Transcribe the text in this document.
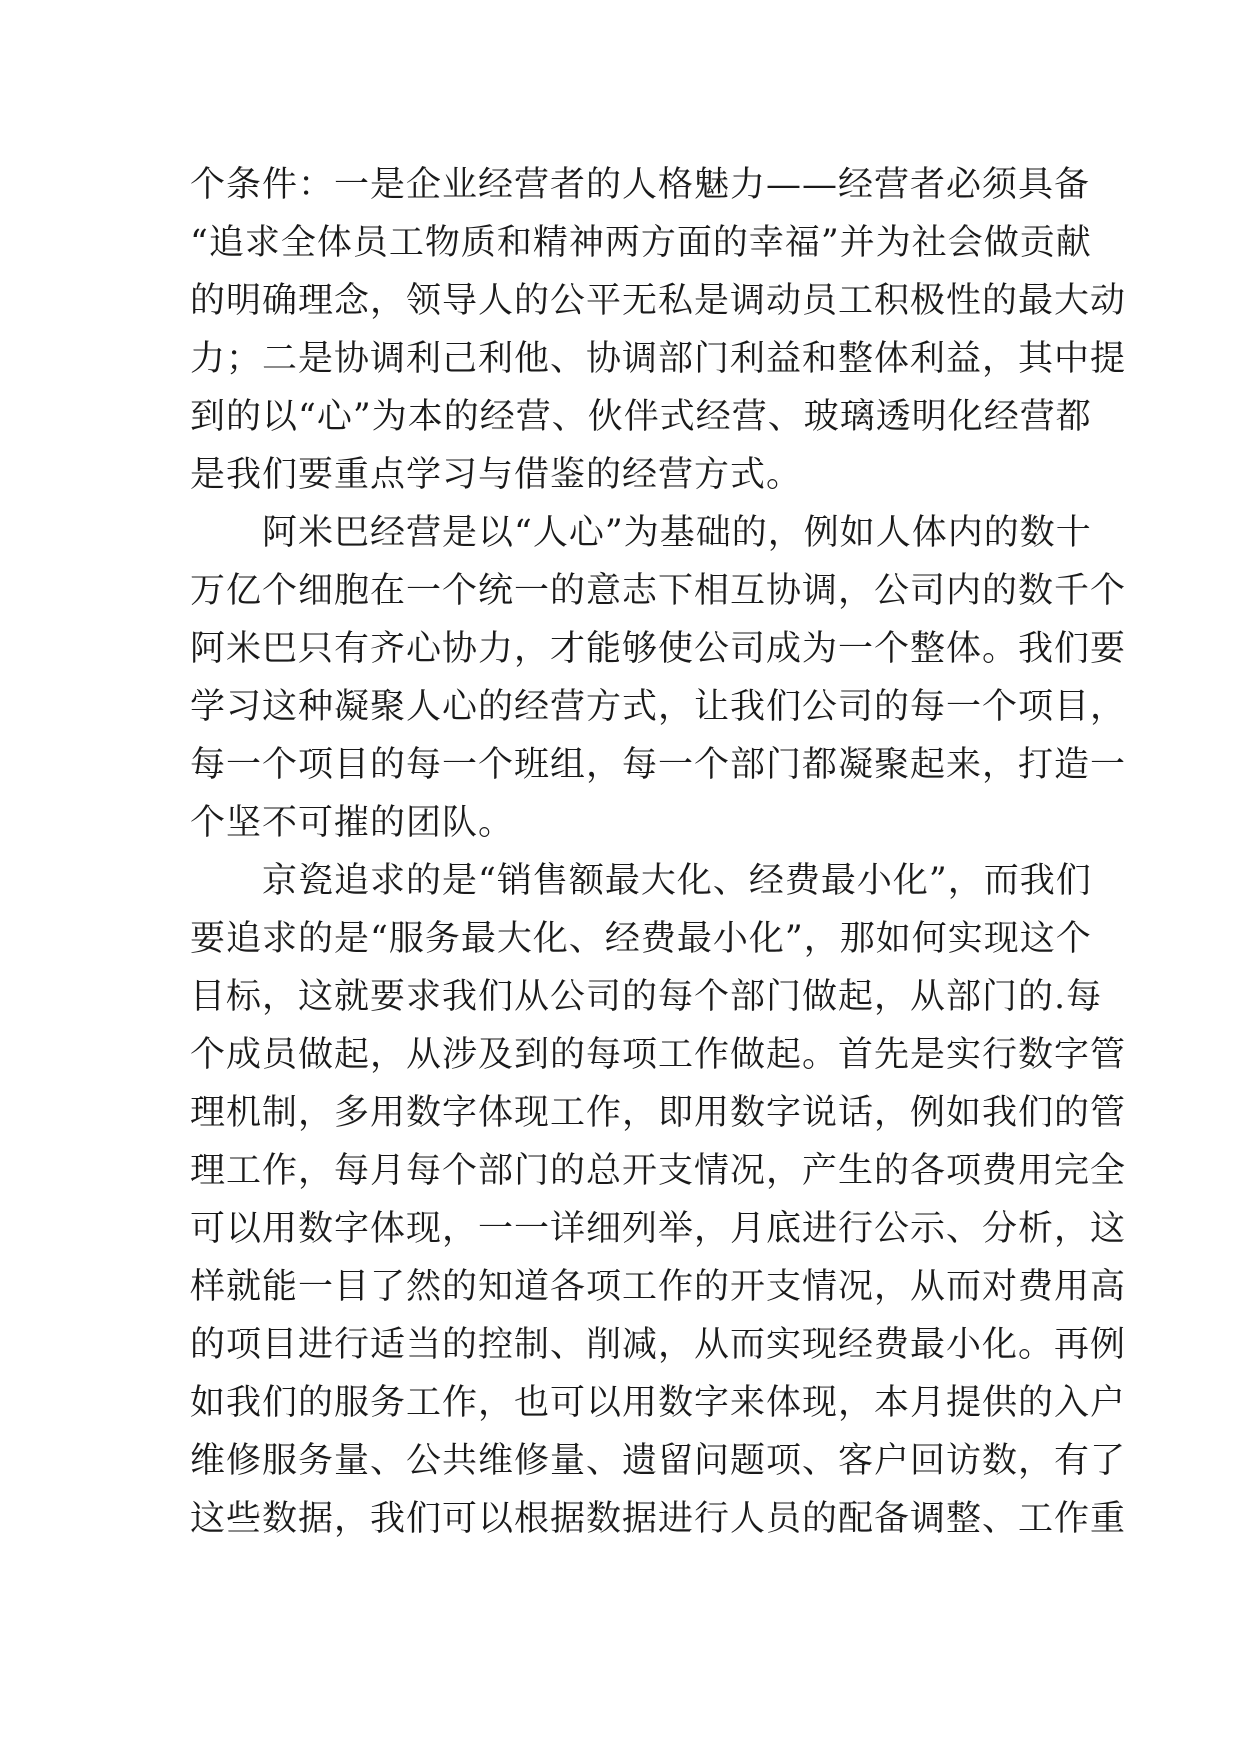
个条件：一是企业经营者的人格魅力——经营者必须具备
“追求全体员工物质和精神两方面的幸福”并为社会做贡献
的明确理念，领导人的公平无私是调动员工积极性的最大动
力；二是协调利己利他、协调部门利益和整体利益，其中提
到的以“心”为本的经营、伙伴式经营、玻璃透明化经营都
是我们要重点学习与借鉴的经营方式。
　　阿米巴经营是以“人心”为基础的，例如人体内的数十
万亿个细胞在一个统一的意志下相互协调，公司内的数千个
阿米巴只有齐心协力，才能够使公司成为一个整体。我们要
学习这种凝聚人心的经营方式，让我们公司的每一个项目，
每一个项目的每一个班组，每一个部门都凝聚起来，打造一
个坚不可摧的团队。
　　京瓷追求的是“销售额最大化、经费最小化”，而我们
要追求的是“服务最大化、经费最小化”，那如何实现这个
目标，这就要求我们从公司的每个部门做起，从部门的.每
个成员做起，从涉及到的每项工作做起。首先是实行数字管
理机制，多用数字体现工作，即用数字说话，例如我们的管
理工作，每月每个部门的总开支情况，产生的各项费用完全
可以用数字体现，一一详细列举，月底进行公示、分析，这
样就能一目了然的知道各项工作的开支情况，从而对费用高
的项目进行适当的控制、削减，从而实现经费最小化。再例
如我们的服务工作，也可以用数字来体现，本月提供的入户
维修服务量、公共维修量、遗留问题项、客户回访数，有了
这些数据，我们可以根据数据进行人员的配备调整、工作重
